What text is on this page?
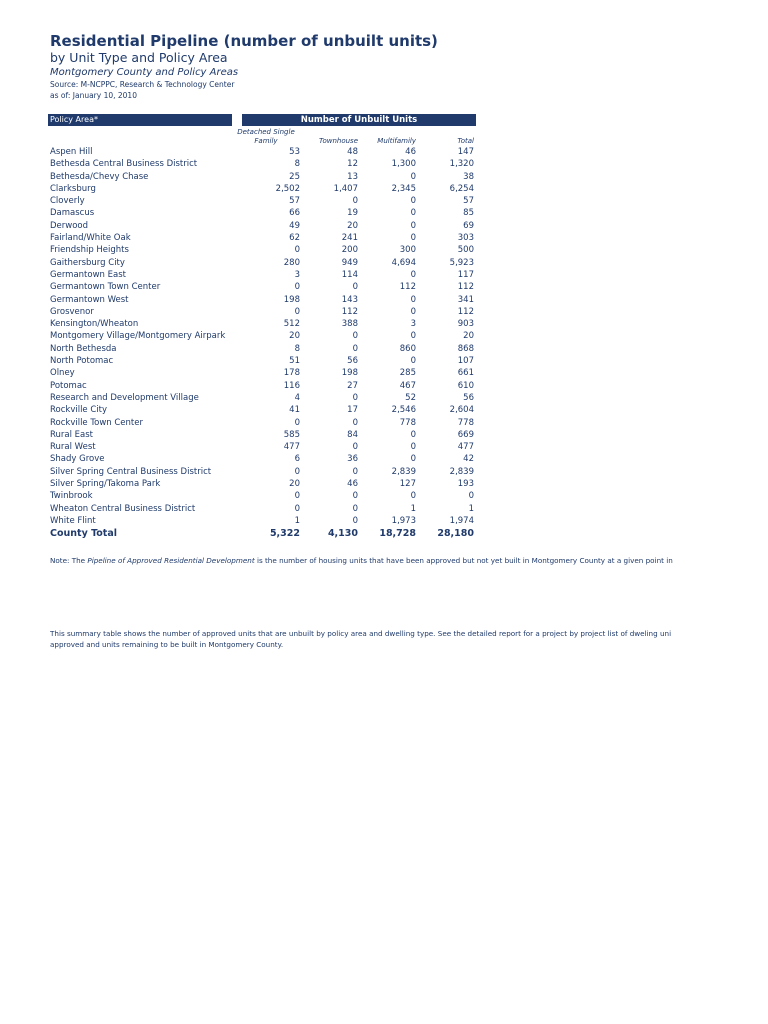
Residential Pipeline (number of unbuilt units)
by Unit Type and Policy Area
Montgomery County and Policy Areas
Source: M-NCPPC, Research & Technology Center
as of: January 10, 2010
Policy Area*	Number of Unbuilt Units
Detached Single Family	Townhouse	Multifamily	Total
Aspen Hill	53	48	46	147
Bethesda Central Business District	8	12	1,300	1,320
Bethesda/Chevy Chase	25	13	0	38
Clarksburg	2,502	1,407	2,345	6,254
Cloverly	57	0	0	57
Damascus	66	19	0	85
Derwood	49	20	0	69
Fairland/White Oak	62	241	0	303
Friendship Heights	0	200	300	500
Gaithersburg City	280	949	4,694	5,923
Germantown East	3	114	0	117
Germantown Town Center	0	0	112	112
Germantown West	198	143	0	341
Grosvenor	0	112	0	112
Kensington/Wheaton	512	388	3	903
Montgomery Village/Montgomery Airpark	20	0	0	20
North Bethesda	8	0	860	868
North Potomac	51	56	0	107
Olney	178	198	285	661
Potomac	116	27	467	610
Research and Development Village	4	0	52	56
Rockville City	41	17	2,546	2,604
Rockville Town Center	0	0	778	778
Rural East	585	84	0	669
Rural West	477	0	0	477
Shady Grove	6	36	0	42
Silver Spring Central Business District	0	0	2,839	2,839
Silver Spring/Takoma Park	20	46	127	193
Twinbrook	0	0	0	0
Wheaton Central Business District	0	0	1	1
White Flint	1	0	1,973	1,974
County Total	5,322	4,130	18,728	28,180
Note: The Pipeline of Approved Residential Development is the number of housing units that have been approved but not yet built in Montgomery County at a given point in
This summary table shows the number of approved units that are unbuilt by policy area and dwelling type. See the detailed report for a project by project list of dweling uni
approved and units remaining to be built in Montgomery County.
